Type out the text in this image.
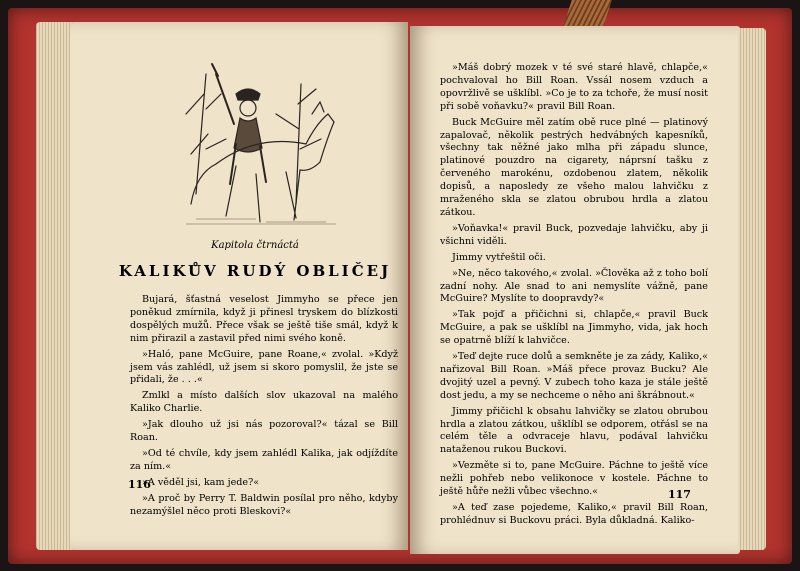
Kapitola čtrnáctá
KALIKŮV RUDÝ OBLIČEJ

Bujará, šťastná veselost Jimmyho se přece jen poněkud zmírnila, když ji přinesl tryskem do blízkosti dospělých mužů. Přece však se ještě tiše smál, když k nim přirazil a zastavil před nimi svého koně.

»Haló, pane McGuire, pane Roane,« zvolal. »Když jsem vás zahlédl, už jsem si skoro pomyslil, že jste se přidali, že . . .«

Zmlkl a místo dalších slov ukazoval na malého Kaliko Charlie.

»Jak dlouho už jsi nás pozoroval?« tázal se Bill Roan.

»Od té chvíle, kdy jsem zahlédl Kalika, jak odjíždíte za ním.«

»A věděl jsi, kam jede?«

»A proč by Perry T. Baldwin posílal pro něho, kdyby nezamýšlel něco proti Bleskovi?«

116

»Máš dobrý mozek v té své staré hlavě, chlapče,« pochvaloval ho Bill Roan. Vssál nosem vzduch a opovržlivě se ušklíbl. »Co je to za tchoře, že musí nosit při sobě voňavku?« pravil Bill Roan.

Buck McGuire měl zatím obě ruce plné — platinový zapalovač, několik pestrých hedvábných kapesníků, všechny tak něžné jako mlha při západu slunce, platinové pouzdro na cigarety, náprsní tašku z červeného marokénu, ozdobenou zlatem, několik dopisů, a naposledy ze všeho malou lahvičku z mraženého skla se zlatou obrubou hrdla a zlatou zátkou.

»Voňavka!« pravil Buck, pozvedaje lahvičku, aby ji všichni viděli.

Jimmy vytřeštil oči.

»Ne, něco takového,« zvolal. »Člověka až z toho bolí zadní nohy. Ale snad to ani nemyslíte vážně, pane McGuire? Myslíte to doopravdy?«

»Tak pojď a přičichni si, chlapče,« pravil Buck McGuire, a pak se ušklíbl na Jimmyho, vida, jak hoch se opatrně blíží k lahvičce.

»Teď dejte ruce dolů a semkněte je za zády, Kaliko,« nařizoval Bill Roan. »Máš přece provaz Bucku? Ale dvojitý uzel a pevný. V zubech toho kaza je stále ještě dost jedu, a my se nechceme o něho ani škrábnout.«

Jimmy přičichl k obsahu lahvičky se zlatou obrubou hrdla a zlatou zátkou, ušklíbl se odporem, otřásl se na celém těle a odvraceje hlavu, podával lahvičku nataženou rukou Buckovi.

»Vezměte si to, pane McGuire. Páchne to ještě více nežli pohřeb nebo velikonoce v kostele. Páchne to ještě hůře nežli vůbec všechno.«

»A teď zase pojedeme, Kaliko,« pravil Bill Roan, prohlédnuv si Buckovu práci. Byla důkladná. Kaliko-

117
